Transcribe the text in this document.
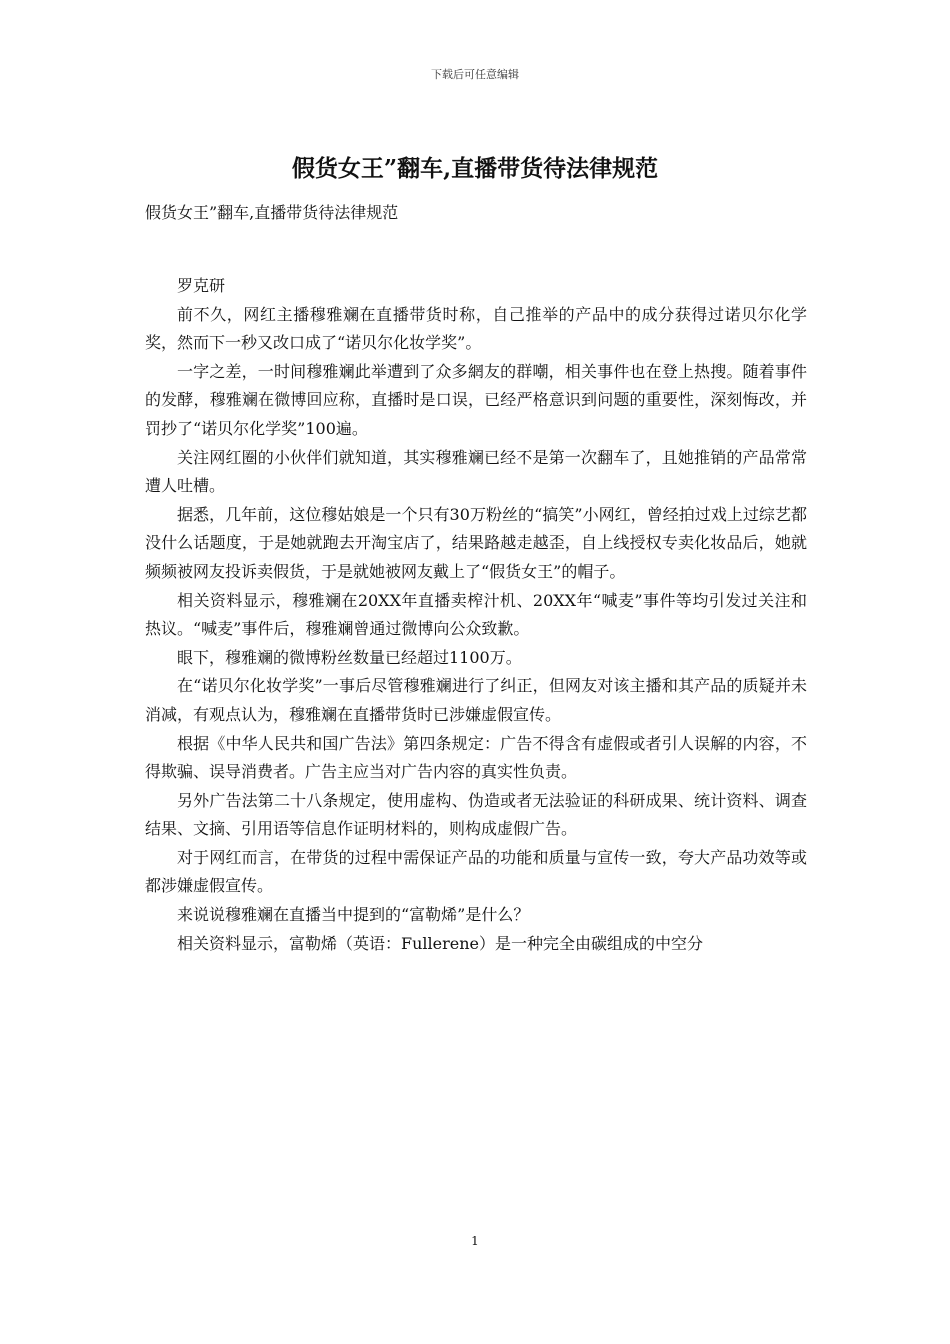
下载后可任意编辑
假货女王”翻车,直播带货待法律规范
假货女王”翻车,直播带货待法律规范

罗克研

前不久，网红主播穆雅斓在直播带货时称，自己推举的产品中的成分获得过诺贝尔化学奖，然而下一秒又改口成了“诺贝尔化妆学奖”。

一字之差，一时间穆雅斓此举遭到了众多網友的群嘲，相关事件也在登上热搜。随着事件的发酵，穆雅斓在微博回应称，直播时是口误，已经严格意识到问题的重要性，深刻悔改，并罚抄了“诺贝尔化学奖”100遍。

关注网红圈的小伙伴们就知道，其实穆雅斓已经不是第一次翻车了，且她推销的产品常常遭人吐槽。

据悉，几年前，这位穆姑娘是一个只有30万粉丝的“搞笑”小网红，曾经拍过戏上过综艺都没什么话题度，于是她就跑去开淘宝店了，结果路越走越歪，自上线授权专卖化妆品后，她就频频被网友投诉卖假货，于是就她被网友戴上了“假货女王”的帽子。

相关资料显示，穆雅斓在20XX年直播卖榨汁机、20XX年“喊麦”事件等均引发过关注和热议。“喊麦”事件后，穆雅斓曾通过微博向公众致歉。

眼下，穆雅斓的微博粉丝数量已经超过1100万。

在“诺贝尔化妆学奖”一事后尽管穆雅斓进行了纠正，但网友对该主播和其产品的质疑并未消减，有观点认为，穆雅斓在直播带货时已涉嫌虚假宣传。

根据《中华人民共和国广告法》第四条规定：广告不得含有虚假或者引人误解的内容，不得欺骗、误导消费者。广告主应当对广告内容的真实性负责。

另外广告法第二十八条规定，使用虚构、伪造或者无法验证的科研成果、统计资料、调查结果、文摘、引用语等信息作证明材料的，则构成虚假广告。

对于网红而言，在带货的过程中需保证产品的功能和质量与宣传一致，夸大产品功效等或都涉嫌虚假宣传。

来说说穆雅斓在直播当中提到的“富勒烯”是什么？

相关资料显示，富勒烯（英语：Fullerene）是一种完全由碳组成的中空分

1
